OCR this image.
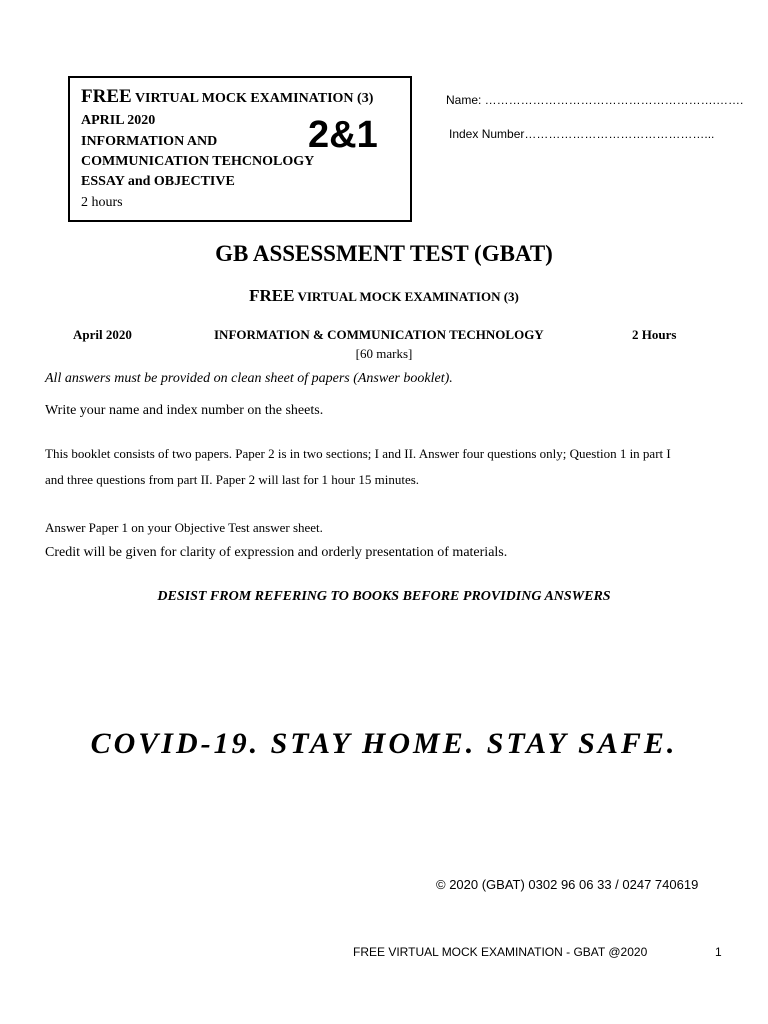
FREE VIRTUAL MOCK EXAMINATION (3)
APRIL 2020
INFORMATION AND
COMMUNICATION TEHCNOLOGY
ESSAY and OBJECTIVE
2 hours
2&1
Name: ………………………………………………….…….
Index Number………………………………………...
GB ASSESSMENT TEST (GBAT)
FREE VIRTUAL MOCK EXAMINATION (3)
April 2020	INFORMATION & COMMUNICATION TECHNOLOGY	2 Hours
[60 marks]
All answers must be provided on clean sheet of papers (Answer booklet).
Write your name and index number on the sheets.
This booklet consists of two papers. Paper 2 is in two sections; I and II. Answer four questions only; Question 1 in part I
and three questions from part II. Paper 2 will last for 1 hour 15 minutes.
Answer Paper 1 on your Objective Test answer sheet.
Credit will be given for clarity of expression and orderly presentation of materials.
DESIST FROM REFERING TO BOOKS BEFORE PROVIDING ANSWERS
COVID-19. STAY HOME. STAY SAFE.
© 2020 (GBAT) 0302 96 06 33 / 0247 740619
FREE VIRTUAL MOCK EXAMINATION - GBAT @2020	1
